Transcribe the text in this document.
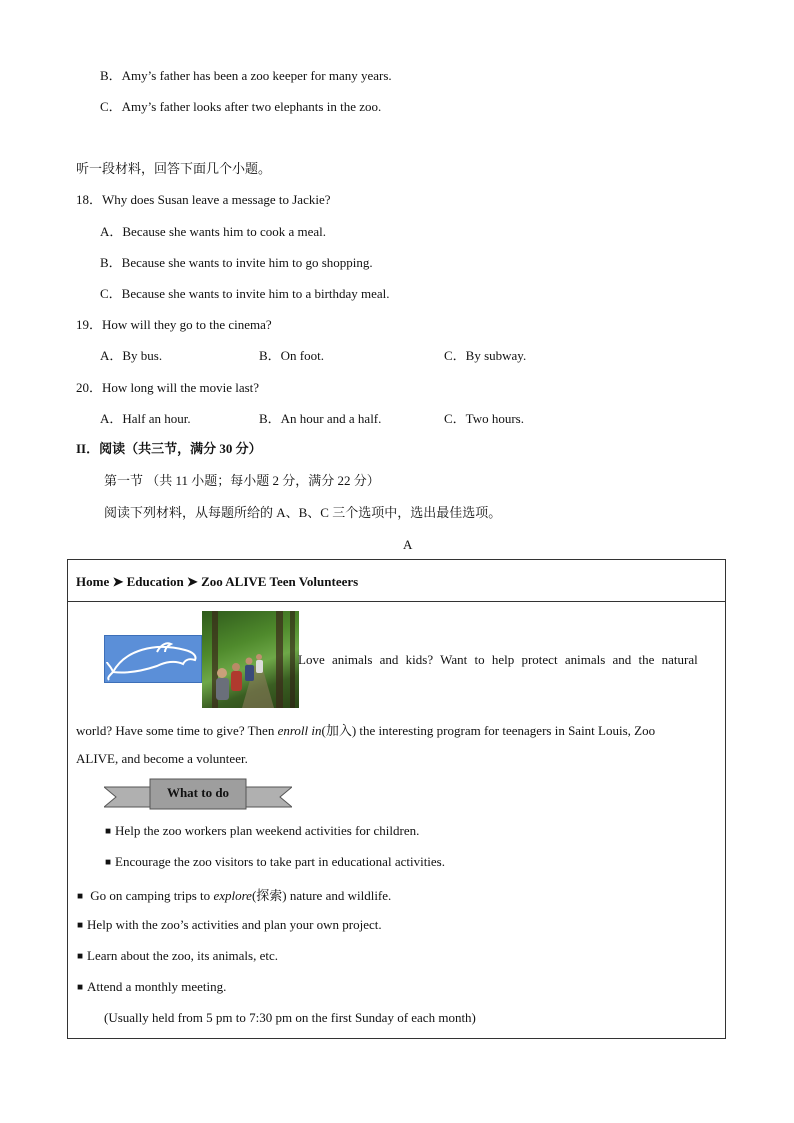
B．Amy’s father has been a zoo keeper for many years.
C．Amy’s father looks after two elephants in the zoo.
听一段材料，回答下面几个小题。
18．Why does Susan leave a message to Jackie?
A．Because she wants him to cook a meal.
B．Because she wants to invite him to go shopping.
C．Because she wants to invite him to a birthday meal.
19．How will they go to the cinema?
A．By bus.	B．On foot.	C．By subway.
20．How long will the movie last?
A．Half an hour.	B．An hour and a half.	C．Two hours.
II．阅读（共三节，满分 30 分）
第一节 （共 11 小题；每小题 2 分，满分 22 分）
阅读下列材料，从每题所给的 A、B、C 三个选项中，选出最佳选项。
A
Home ➤ Education ➤ Zoo ALIVE Teen Volunteers
Love animals and kids? Want to help protect animals and the natural
world? Have some time to give? Then enroll in(加入) the interesting program for teenagers in Saint Louis, Zoo
ALIVE, and become a volunteer.
What to do
■ Help the zoo workers plan weekend activities for children.
■ Encourage the zoo visitors to take part in educational activities.
■ Go on camping trips to explore(探索) nature and wildlife.
■ Help with the zoo’s activities and plan your own project.
■ Learn about the zoo, its animals, etc.
■ Attend a monthly meeting.
(Usually held from 5 pm to 7:30 pm on the first Sunday of each month)
